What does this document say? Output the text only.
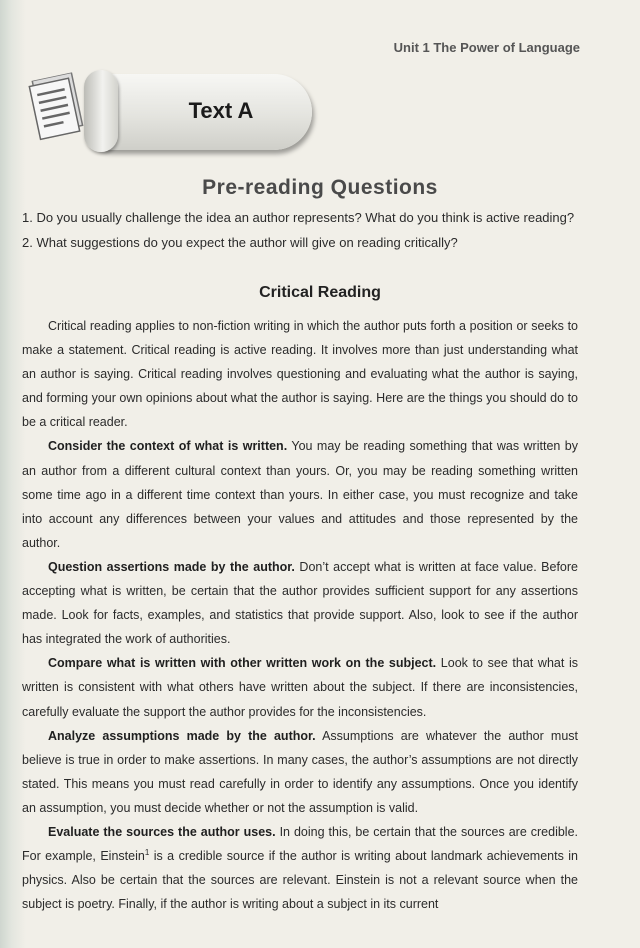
Unit 1 The Power of Language
Text A
Pre-reading Questions
1. Do you usually challenge the idea an author represents? What do you think is active reading?
2. What suggestions do you expect the author will give on reading critically?
Critical Reading

Critical reading applies to non-fiction writing in which the author puts forth a position or seeks to make a statement. Critical reading is active reading. It involves more than just understanding what an author is saying. Critical reading involves questioning and evaluating what the author is saying, and forming your own opinions about what the author is saying. Here are the things you should do to be a critical reader.

Consider the context of what is written. You may be reading something that was written by an author from a different cultural context than yours. Or, you may be reading something written some time ago in a different time context than yours. In either case, you must recognize and take into account any differences between your values and attitudes and those represented by the author.

Question assertions made by the author. Don’t accept what is written at face value. Before accepting what is written, be certain that the author provides sufficient support for any assertions made. Look for facts, examples, and statistics that provide support. Also, look to see if the author has integrated the work of authorities.

Compare what is written with other written work on the subject. Look to see that what is written is consistent with what others have written about the subject. If there are inconsistencies, carefully evaluate the support the author provides for the inconsistencies.

Analyze assumptions made by the author. Assumptions are whatever the author must believe is true in order to make assertions. In many cases, the author’s assumptions are not directly stated. This means you must read carefully in order to identify any assumptions. Once you identify an assumption, you must decide whether or not the assumption is valid.

Evaluate the sources the author uses. In doing this, be certain that the sources are credible. For example, Einstein$^1$ is a credible source if the author is writing about landmark achievements in physics. Also be certain that the sources are relevant. Einstein is not a relevant source when the subject is poetry. Finally, if the author is writing about a subject in its current
